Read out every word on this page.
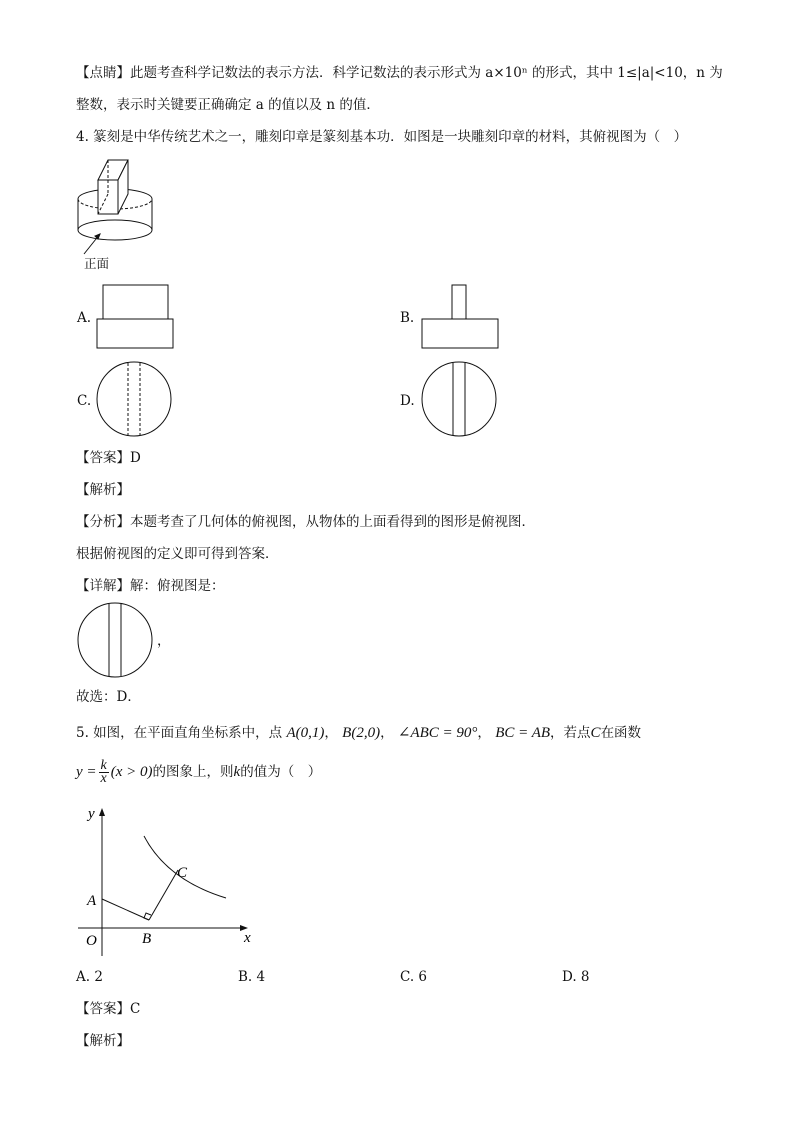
【点睛】此题考查科学记数法的表示方法．科学记数法的表示形式为 a×10ⁿ 的形式，其中 1≤|a|<10，n 为
整数，表示时关键要正确确定 a 的值以及 n 的值．
4. 篆刻是中华传统艺术之一，雕刻印章是篆刻基本功．如图是一块雕刻印章的材料，其俯视图为（　）
正面
A.	B.
C.	D.
【答案】D
【解析】
【分析】本题考查了几何体的俯视图，从物体的上面看得到的图形是俯视图．
根据俯视图的定义即可得到答案．
【详解】解：俯视图是：
，
故选：D．
5. 如图，在平面直角坐标系中，点 A(0,1)， B(2,0)， ∠ABC = 90°， BC = AB，若点C在函数
$y = \frac{k}{x} (x > 0)$的图象上，则k的值为（　）
y
x
O
A
B
C
A. 2	B. 4	C. 6	D. 8
【答案】C
【解析】
